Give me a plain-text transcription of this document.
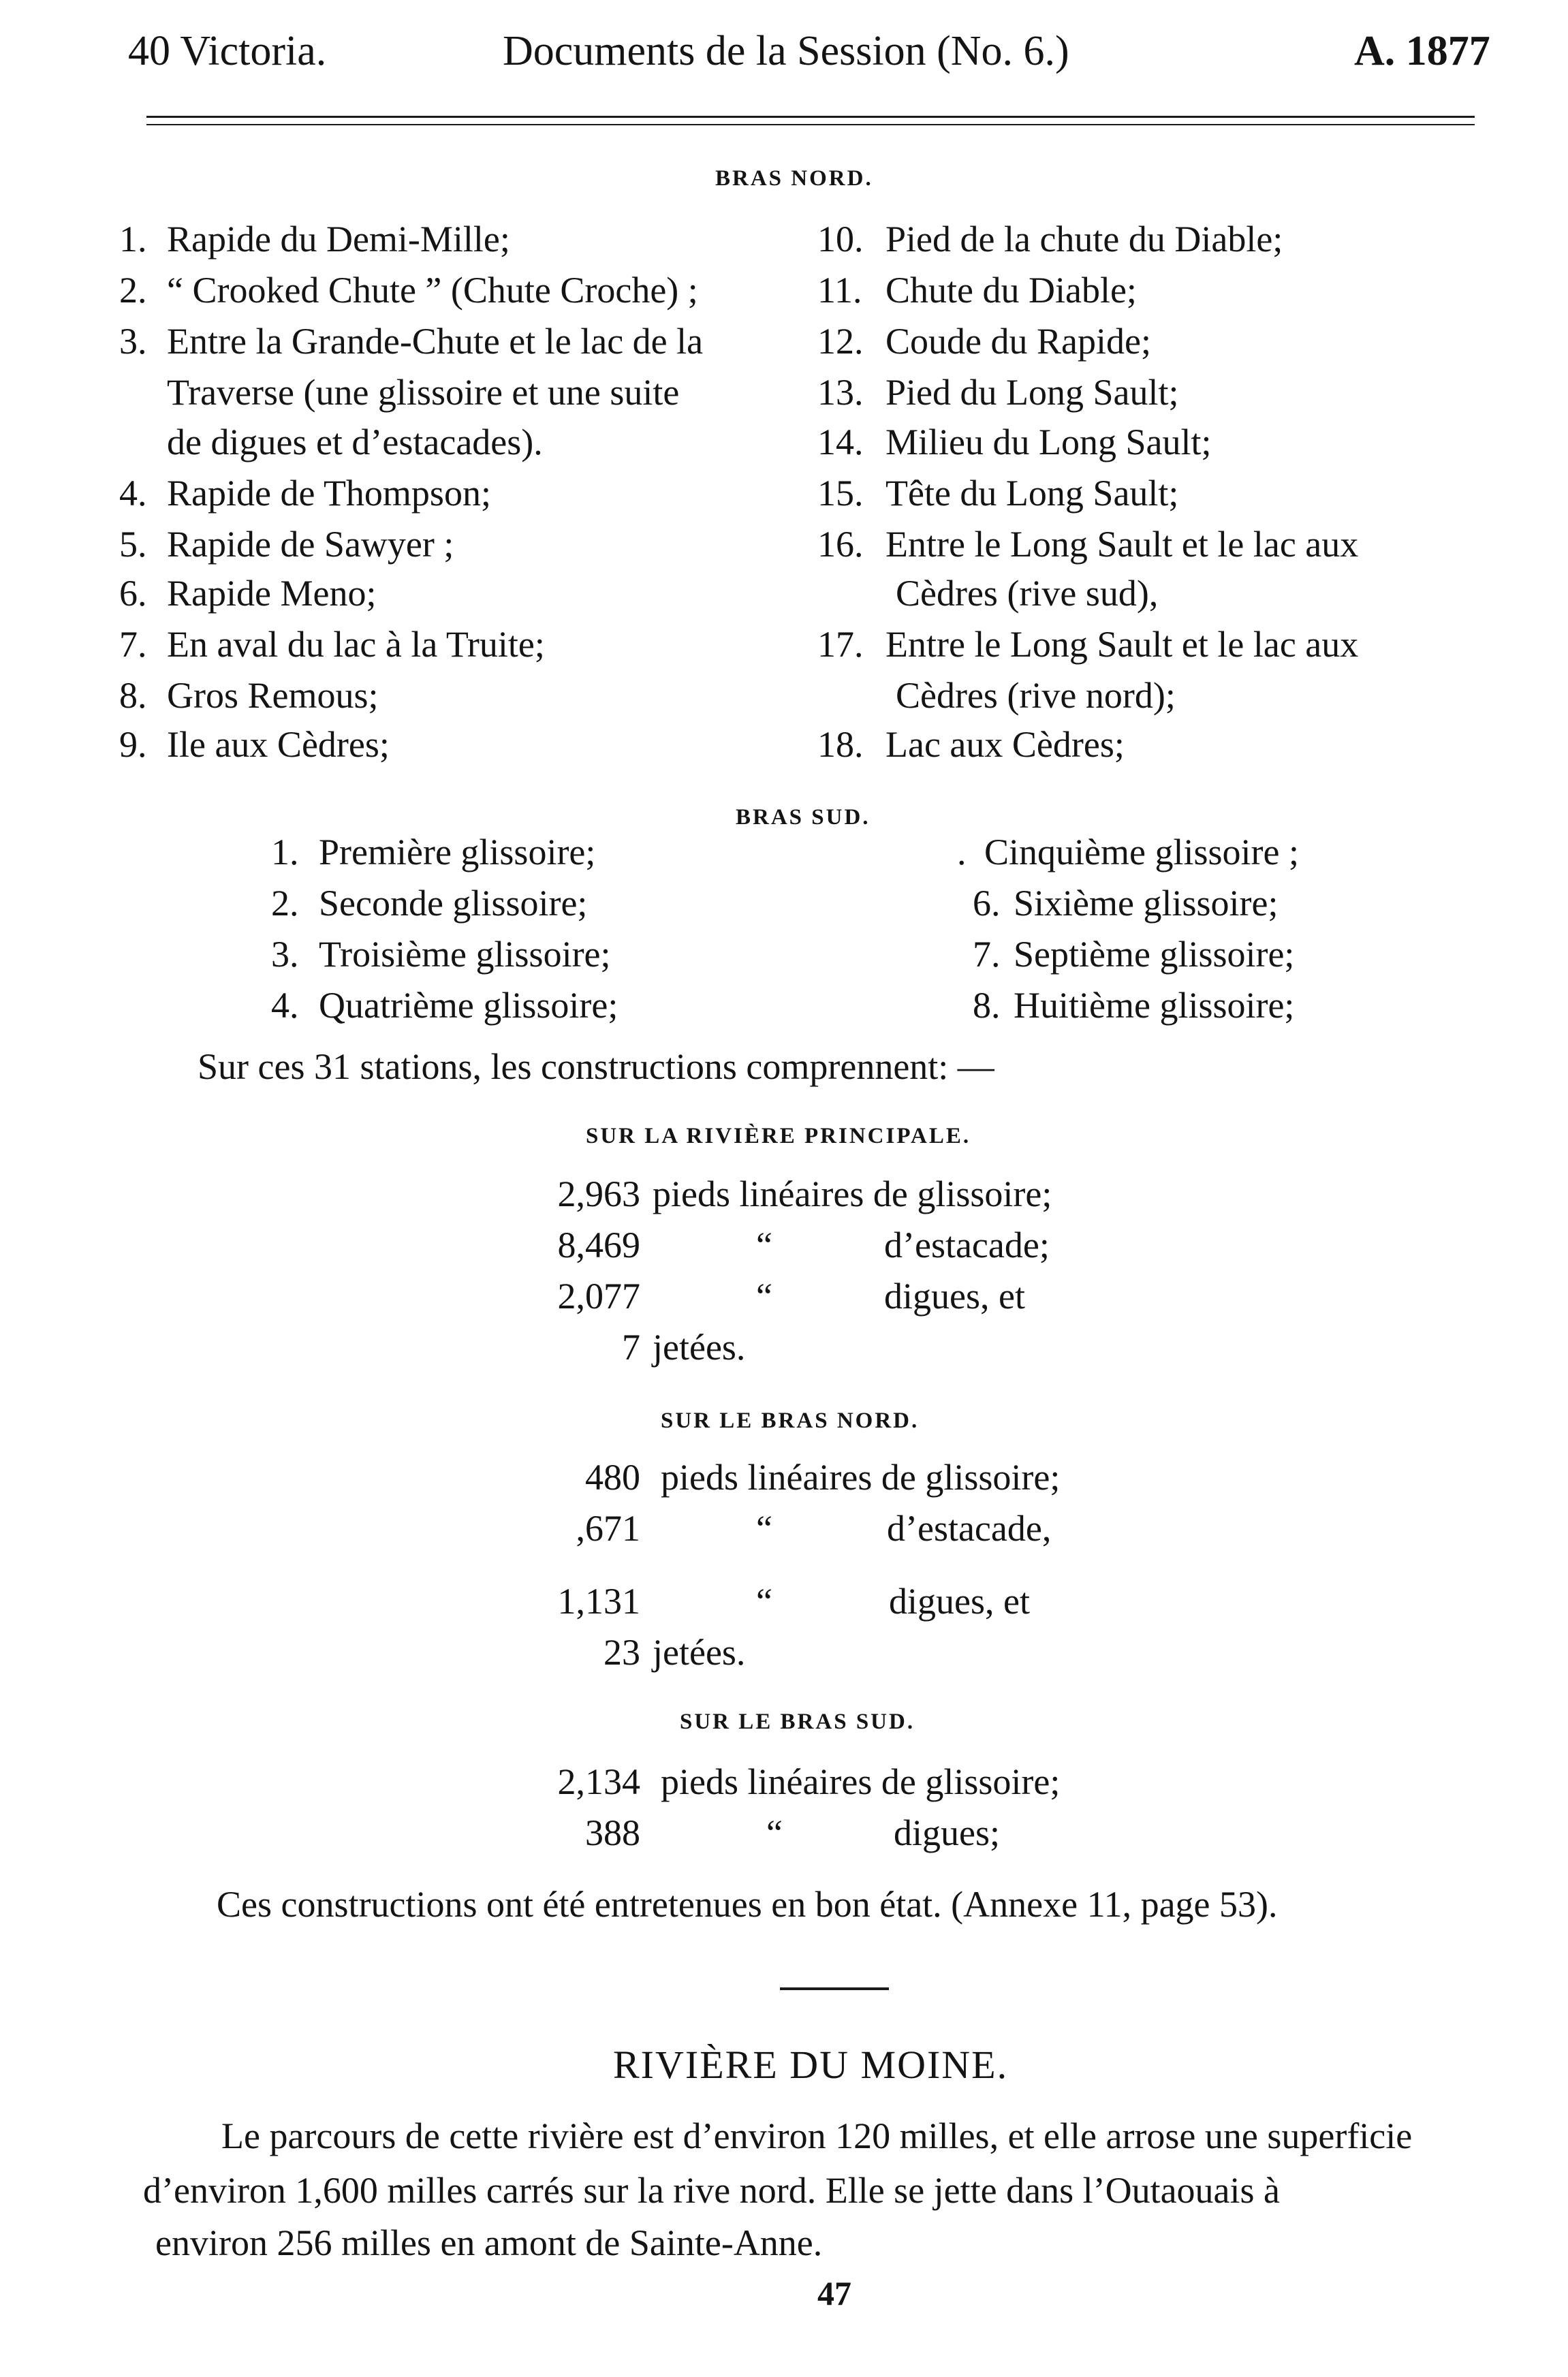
40 Victoria.	Documents de la Session (No. 6.)	A. 1877
BRAS NORD.
1. Rapide du Demi-Mille;
2. “ Crooked Chute ” (Chute Croche) ;
3. Entre la Grande-Chute et le lac de la
Traverse (une glissoire et une suite
de digues et d’estacades).
4. Rapide de Thompson;
5. Rapide de Sawyer ;
6. Rapide Meno;
7. En aval du lac à la Truite;
8. Gros Remous;
9. Ile aux Cèdres;
10. Pied de la chute du Diable;
11. Chute du Diable;
12. Coude du Rapide;
13. Pied du Long Sault;
14. Milieu du Long Sault;
15. Tête du Long Sault;
16. Entre le Long Sault et le lac aux
Cèdres (rive sud),
17. Entre le Long Sault et le lac aux
Cèdres (rive nord);
18. Lac aux Cèdres;
BRAS SUD.
1. Première glissoire;
2. Seconde glissoire;
3. Troisième glissoire;
4. Quatrième glissoire;
. Cinquième glissoire ;
6. Sixième glissoire;
7. Septième glissoire;
8. Huitième glissoire;
Sur ces 31 stations, les constructions comprennent: —
SUR LA RIVIÈRE PRINCIPALE.
2,963 pieds linéaires de glissoire;
8,469	“	d’estacade;
2,077	“	digues, et
7 jetées.
SUR LE BRAS NORD.
480 pieds linéaires de glissoire;
,671	“	d’estacade,
1,131	“	digues, et
23 jetées.
SUR LE BRAS SUD.
2,134 pieds linéaires de glissoire;
388	“	digues;
Ces constructions ont été entretenues en bon état. (Annexe 11, page 53).
RIVIÈRE DU MOINE.
Le parcours de cette rivière est d’environ 120 milles, et elle arrose une superficie
d’environ 1,600 milles carrés sur la rive nord. Elle se jette dans l’Outaouais à
environ 256 milles en amont de Sainte-Anne.
47
